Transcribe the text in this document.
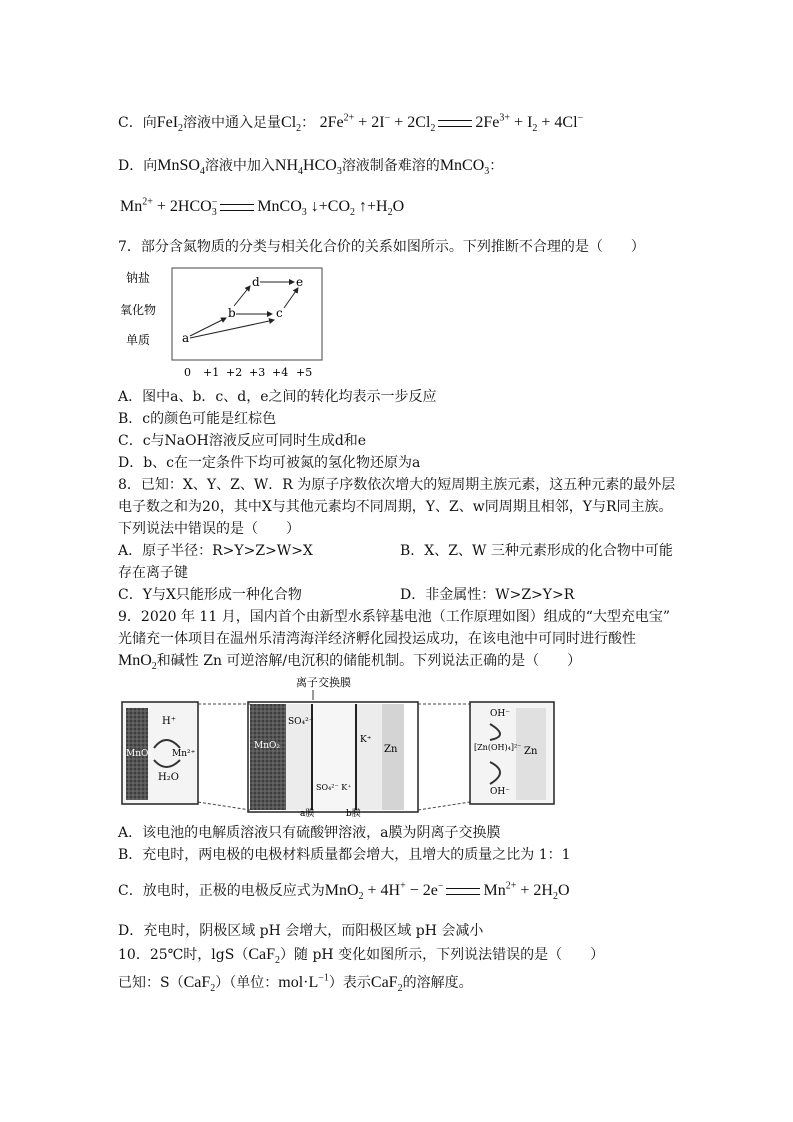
C．向FeI$_2$溶液中通入足量$Cl_2$： $2Fe^{2+} + 2I^- + 2Cl_2$	$2Fe^{3+} + I_2 + 4Cl^-$
D．向MnSO$_4$溶液中加入$NH_4HCO_3$溶液制备难溶的MnCO$_3$：
$Mn^{2+} + 2HCO_3^-$	MnCO$_3$ $↓+CO_2$ $↑+H_2O$
7．部分含氮物质的分类与相关化合价的关系如图所示。下列推断不合理的是（　　）
钠盐
氧化物
单质
0 +1 +2 +3 +4 +5
a
b	c
d	e
A．图中a、b．c、d，e之间的转化均表示一步反应
B．c的颜色可能是红棕色
C．c与NaOH溶液反应可同时生成d和e
D．b、c在一定条件下均可被氮的氢化物还原为a
8．已知：X、Y、Z、W．R 为原子序数依次增大的短周期主族元素，这五种元素的最外层
电子数之和为20，其中X与其他元素均不同周期，Y、Z、w同周期且相邻，Y与R同主族。
下列说法中错误的是（　　）
A．原子半径：R>Y>Z>W>X	B．X、Z、W 三种元素形成的化合物中可能
存在离子键
C．Y与X只能形成一种化合物	D．非金属性：W>Z>Y>R
9．2020 年 11 月，国内首个由新型水系锌基电池（工作原理如图）组成的“大型充电宝”
光储充一体项目在温州乐清湾海洋经济孵化园投运成功，在该电池中可同时进行酸性
MnO$_2$和碱性 Zn 可逆溶解/电沉积的储能机制。下列说法正确的是（　　）
离子交换膜
H⁺
MnO₂ Mn²⁺
H₂O
MnO₂
SO₄²⁻
K⁺
SO₄²⁻ K⁺
Zn
a膜	b膜
OH⁻
[Zn(OH)₄]²⁻
OH⁻
Zn
A．该电池的电解质溶液只有硫酸钾溶液，a膜为阴离子交换膜
B．充电时，两电极的电极材料质量都会增大，且增大的质量之比为 1：1
C．放电时，正极的电极反应式为MnO$_2$ + 4H+ − 2e−	$Mn^{2+} + 2H_2O$
D．充电时，阴极区域 pH 会增大，而阳极区域 pH 会减小
10．25℃时，lgS（CaF$_2$）随 pH 变化如图所示，下列说法错误的是（　　）
已知：S（CaF$_2$）（单位：$mol\cdot L^{-1}$）表示CaF$_2$的溶解度。
